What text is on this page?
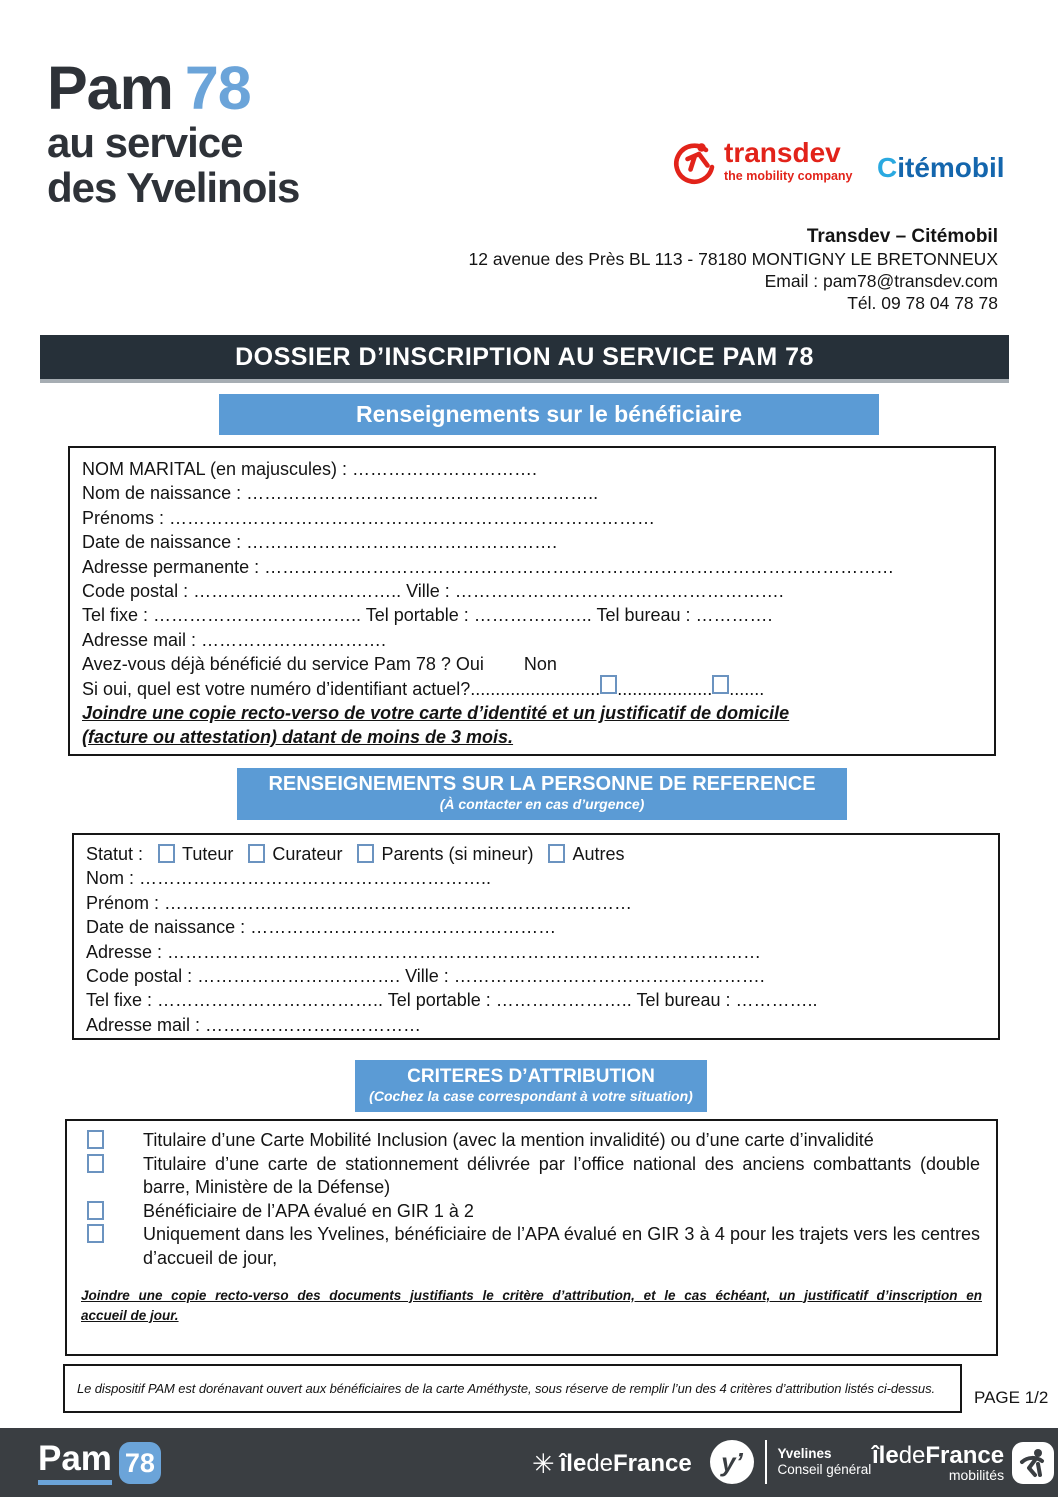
Pam 78
au service
des Yvelinois
transdev
the mobility company Citémobil
Transdev – Citémobil
12 avenue des Près BL 113 - 78180 MONTIGNY LE BRETONNEUX
Email : pam78@transdev.com
Tél. 09 78 04 78 78
DOSSIER D’INSCRIPTION AU SERVICE PAM 78
Renseignements sur le bénéficiaire
NOM MARITAL (en majuscules) : ………………………….
Nom de naissance : …………………………………………………..
Prénoms : ………………………………………………………………………
Date de naissance : …………………………………………….
Adresse permanente : ……………………………………………………………………………………………
Code postal : …………………………….. Ville : ……………………………………………….
Tel fixe : …………………………….. Tel portable : ……………….. Tel bureau : ………….
Adresse mail : ………………………….
Avez-vous déjà bénéficié du service Pam 78 ? Oui Non
Si oui, quel est votre numéro d’identifiant actuel?.......................... ................... .......
Joindre une copie recto-verso de votre carte d’identité et un justificatif de domicile
(facture ou attestation) datant de moins de 3 mois.
RENSEIGNEMENTS SUR LA PERSONNE DE REFERENCE
(À contacter en cas d’urgence)
Statut : Tuteur Curateur Parents (si mineur) Autres
Nom : …………………………………………………..
Prénom : ……………………………………………………………………
Date de naissance : ……………………………………………
Adresse : ………………………………………………………………………………………
Code postal : ……………………………. Ville : …………………………………………….
Tel fixe : ……………………………….. Tel portable : ………………….. Tel bureau : …………..
Adresse mail : ………………………………
CRITERES D’ATTRIBUTION
(Cochez la case correspondant à votre situation)
Titulaire d’une Carte Mobilité Inclusion (avec la mention invalidité) ou d’une carte d’invalidité
Titulaire d’une carte de stationnement délivrée par l’office national des anciens combattants (double barre, Ministère de la Défense)
Bénéficiaire de l’APA évalué en GIR 1 à 2
Uniquement dans les Yvelines, bénéficiaire de l’APA évalué en GIR 3 à 4 pour les trajets vers les centres d’accueil de jour,
Joindre une copie recto-verso des documents justifiants le critère d’attribution, et le cas échéant, un justificatif d’inscription en
accueil de jour.
Le dispositif PAM est dorénavant ouvert aux bénéficiaires de la carte Améthyste, sous réserve de remplir l’un des 4 critères d’attribution listés ci-dessus. PAGE 1/2
Pam 78	✳ îledeFrance	y’	Yvelines
Conseil général
îledeFrance
mobilités
